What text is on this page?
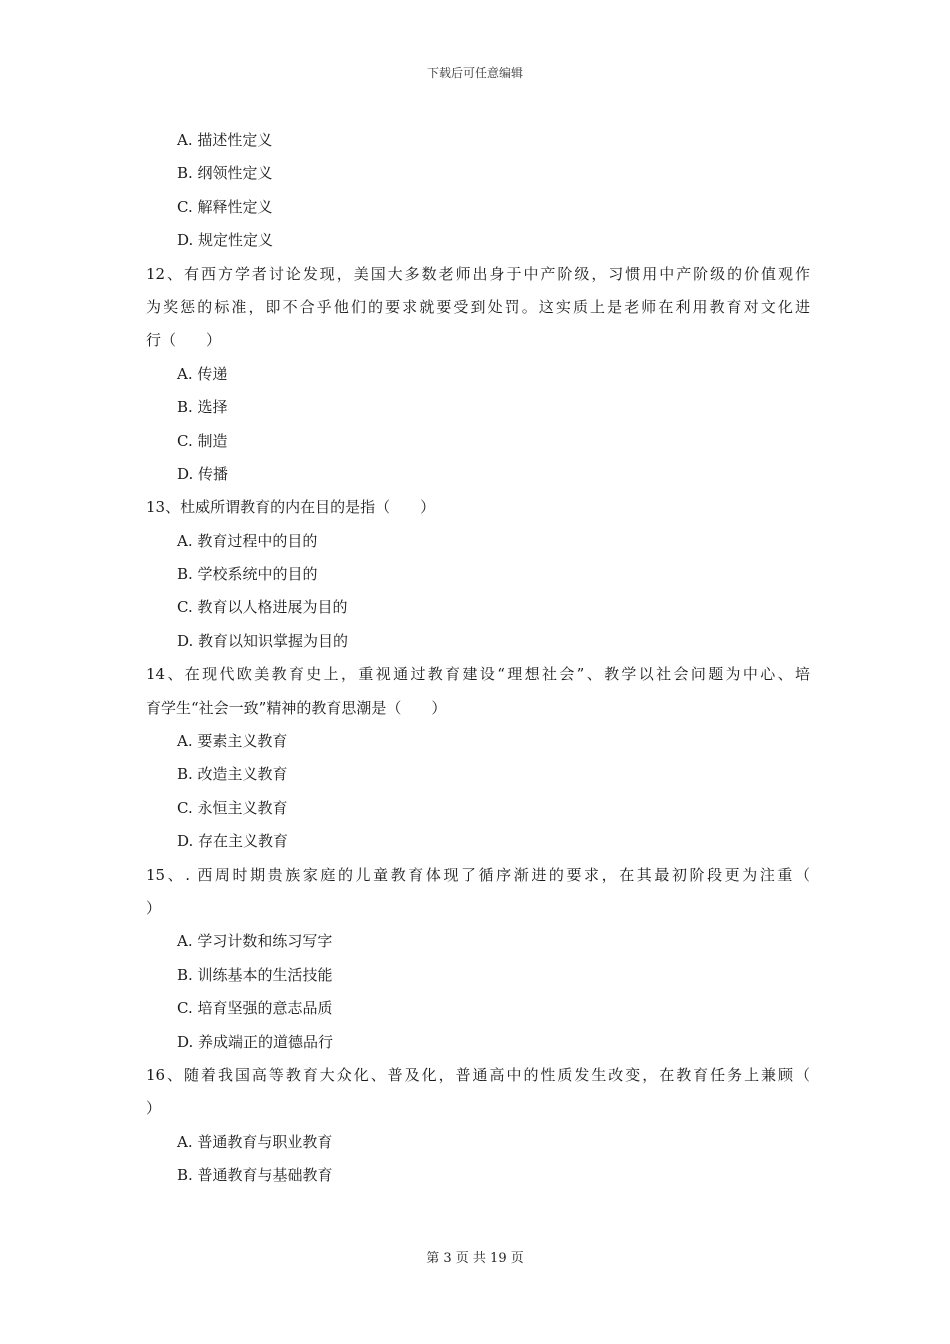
下载后可任意编辑
A. 描述性定义
B. 纲领性定义
C. 解释性定义
D. 规定性定义
12、有西方学者讨论发现，美国大多数老师出身于中产阶级，习惯用中产阶级的价值观作
为奖惩的标准，即不合乎他们的要求就要受到处罚。这实质上是老师在利用教育对文化进
行（　　）
A. 传递
B. 选择
C. 制造
D. 传播
13、杜威所谓教育的内在目的是指（　　）
A. 教育过程中的目的
B. 学校系统中的目的
C. 教育以人格进展为目的
D. 教育以知识掌握为目的
14、在现代欧美教育史上，重视通过教育建设“理想社会”、教学以社会问题为中心、培
育学生“社会一致”精神的教育思潮是（　　）
A. 要素主义教育
B. 改造主义教育
C. 永恒主义教育
D. 存在主义教育
15、. 西周时期贵族家庭的儿童教育体现了循序渐进的要求，在其最初阶段更为注重（
）
A. 学习计数和练习写字
B. 训练基本的生活技能
C. 培育坚强的意志品质
D. 养成端正的道德品行
16、随着我国高等教育大众化、普及化，普通高中的性质发生改变，在教育任务上兼顾（
）
A. 普通教育与职业教育
B. 普通教育与基础教育
第 3 页 共 19 页
